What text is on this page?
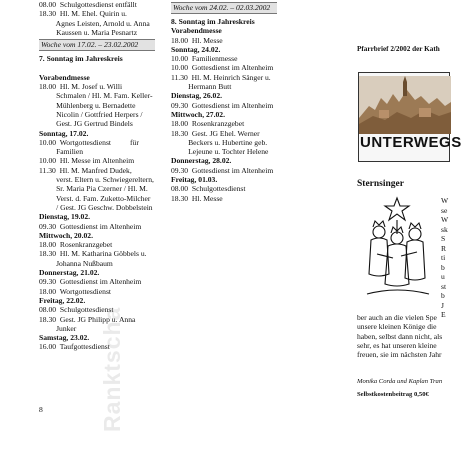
08.00  Schulgottesdienst entfällt
18.30  Hl. M. Ehel. Quirin u.
Agnes Leisten, Arnold u. Anna
Kaussen u. Maria Pesnartz
Woche vom 17.02. – 23.02.2002
7. Sonntag im Jahreskreis
Vorabendmesse
18.00  Hl. M. Josef u. Willi
Schmalen / Hl. M. Fam. Keller-
Mühlenberg u. Bernadette
Nicolin / Gottfried Herpers /
Gest. JG Gertrud Bindels
Sonntag, 17.02.
10.00  Wortgottesdienst          für
Familien
10.00  Hl. Messe im Altenheim
11.30  Hl. M. Manfred Dudek,
verst. Eltern u. Schwiegereltern,
Sr. Maria Pia Czerner / Hl. M.
Verst. d. Fam. Zuketto-Milcher
/ Gest. JG Geschw. Dobbelstein
Dienstag, 19.02.
09.30  Gottesdienst im Altenheim
Mittwoch, 20.02.
18.00  Rosenkranzgebet
18.30  Hl. M. Katharina Göbbels u.
Johanna Nußbaum
Donnerstag, 21.02.
09.30  Gottesdienst im Altenheim
18.00  Wortgottesdienst
Freitag, 22.02.
08.00  Schulgottesdienst
18.30  Gest. JG Philipp u. Anna
Junker
Samstag, 23.02.
16.00  Taufgottesdienst
Woche vom 24.02. – 02.03.2002
8. Sonntag im Jahreskreis
Vorabendmesse
18.00  Hl. Messe
Sonntag, 24.02.
10.00  Familienmesse
10.00  Gottesdienst im Altenheim
11.30  Hl. M. Heinrich Sänger u.
Hermann Butt
Dienstag, 26.02.
09.30  Gottesdienst im Altenheim
Mittwoch, 27.02.
18.00  Rosenkranzgebet
18.30  Gest. JG Ehel. Werner
Beckers u. Hubertine geb.
Lejeune u. Tochter Helene
Donnerstag, 28.02.
09.30  Gottesdienst im Altenheim
Freitag, 01.03.
08.00  Schulgottesdienst
18.30  Hl. Messe
Pfarrbrief 2/2002 der Kath
UNTERWEGS
Sternsinger
W
se
W
sk
S
R
ti
b
u
st
b
J
E
ber auch an die vielen Spe
unsere kleinen Könige die
haben, selbst dann nicht, als
sehr, es hat unseren kleine
freuen, sie im nächsten Jahr
Monika Corda und Kaplan Tran
Selbstkostenbeitrag 0,50€
8 Ranktscha
